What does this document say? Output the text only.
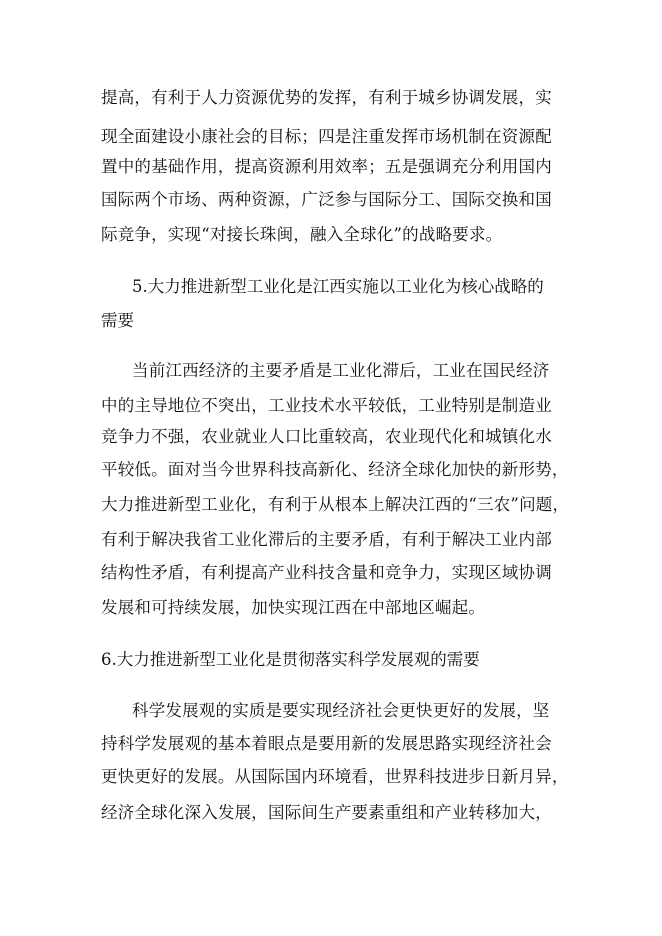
提高，有利于人力资源优势的发挥，有利于城乡协调发展，实
现全面建设小康社会的目标；四是注重发挥市场机制在资源配
置中的基础作用，提高资源利用效率；五是强调充分利用国内
国际两个市场、两种资源，广泛参与国际分工、国际交换和国
际竞争，实现“对接长珠闽，融入全球化”的战略要求。
5.大力推进新型工业化是江西实施以工业化为核心战略的
需要
当前江西经济的主要矛盾是工业化滞后，工业在国民经济
中的主导地位不突出，工业技术水平较低，工业特别是制造业
竞争力不强，农业就业人口比重较高，农业现代化和城镇化水
平较低。面对当今世界科技高新化、经济全球化加快的新形势，
大力推进新型工业化，有利于从根本上解决江西的“三农”问题，
有利于解决我省工业化滞后的主要矛盾，有利于解决工业内部
结构性矛盾，有利提高产业科技含量和竞争力，实现区域协调
发展和可持续发展，加快实现江西在中部地区崛起。
6.大力推进新型工业化是贯彻落实科学发展观的需要
科学发展观的实质是要实现经济社会更快更好的发展，坚
持科学发展观的基本着眼点是要用新的发展思路实现经济社会
更快更好的发展。从国际国内环境看，世界科技进步日新月异，
经济全球化深入发展，国际间生产要素重组和产业转移加大，
